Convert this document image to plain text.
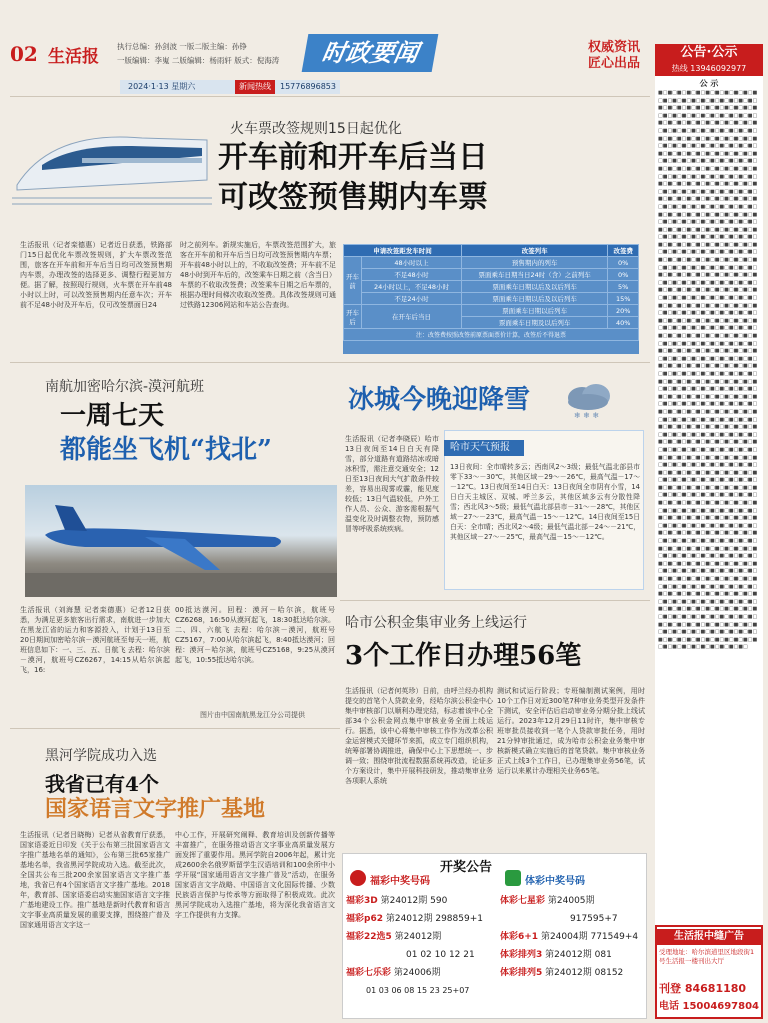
02 生活报
执行总编：孙剑波 一版二版主编：孙铮
一版编辑：李嵬 二版编辑：杨雨轩 版式：倪海涛	时政要闻	权威资讯
匠心出品
2024·1·13 星期六	新闻热线	15776896853
火车票改签规则15日起优化
开车前和开车后当日
可改签预售期内车票
生活报讯（记者栾德惠）记者近日获悉，铁路部门15日起优化车票改签规则，扩大车票改签范围，旅客在开车前和开车后当日均可改签预售期内车票，办理改签的选择更多、调整行程更加方便。据了解，按照现行规则，火车票在开车前48小时以上时，可以改签预售期内任意车次；开车前不足48小时及开车后，仅可改签票面日24
时之前列车。新规实施后，车票改签范围扩大，旅客在开车前和开车后当日均可改签预售期内车票；开车前48小时以上的，不收取改签费；开车前不足48小时到开车后的，改签乘车日期之前（含当日）车票的不收取改签费；改签乘车日期之后车票的，根据办理时间梯次收取改签费。具体改签规则可通过铁路12306网站和车站公告查询。
申请改签距发车时间		改签列车	改签费
开车前	48小时以上	预售期内的列车	0%
	不足48小时	票面乘车日期当日24时（含）之前列车	0%
	24小时以上，不足48小时	票面乘车日期以后及以后列车	5%
	不足24小时	票面乘车日期以后及以后列车	15%
开车后	在开车后当日	票面乘车日期以后列车	20%
		票面乘车日期及以后列车	40%
注：改签费按照改签前原票面票价计算，改签后不得退票			
南航加密哈尔滨-漠河航班
一周七天
都能坐飞机“找北”
生活报讯（刘海慧 记者栾德惠）记者12日获悉，为满足更多旅客出行需求，南航进一步加大在黑龙江省的运力和客源投入，计划于13日至20日期间加密哈尔滨－漠河航班至每天一班，航班信息如下：一、三、五、日航飞 去程：哈尔滨－漠河，航班号CZ6267，14:15从哈尔滨起飞，16:
00抵达漠河。回程：漠河－哈尔滨，航班号CZ6268，16:50从漠河起飞，18:30抵达哈尔滨。二、四、六航飞 去程：哈尔滨－漠河，航班号CZ5167，7:00从哈尔滨起飞，8:40抵达漠河；回程：漠河－哈尔滨，航班号CZ5168，9:25从漠河起飞，10:55抵达哈尔滨。
图片由中国南航黑龙江分公司提供
黑河学院成功入选
我省已有4个
国家语言文字推广基地
生活报讯（记者吕晓梅）记者从省教育厅获悉，国家语委近日印发《关于公布第三批国家语言文字推广基地名单的通知》，公布第三批65家推广基地名单，我省黑河学院成功入选。截至此次，全国共公布三批200余家国家语言文字推广基地，我省已有4个国家语言文字推广基地。2018年，教育部、国家语委启动实施国家语言文字推广基地建设工作。推广基地是新时代教育和语言文字事业高质量发展的重要支撑，围绕推广普及国家通用语言文字这一
中心工作，开展研究阐释、教育培训及创新传播等丰富推广，在服务推动语言文字事业高质量发展方面发挥了重要作用。黑河学院自2006年起，累计完成2600余名俄罗斯留学生汉语培训和100余所中小学开展“国家通用语言文字推广普及”活动，在服务国家语言文字战略、中国语言文化国际传播、少数民族语言保护与传承等方面取得了积极成效。此次黑河学院成功入选推广基地，将为深化我省语言文字工作提供有力支撑。
冰城今晚迎降雪
❄ ❄ ❄
生活报讯（记者李晓辰）哈市13日夜间至14日白天有降雪，部分道路有道路结冰或暗冰积雪，需注意交通安全；12日至13日夜间大气扩散条件较差，容易出现雾或霾，能见度较低；13日气温较低，户外工作人员、公众、游客需根据气温变化及时调整衣物，预防感冒等呼吸系统疾病。
哈市天气预报
13日夜间：全市晴转多云；西南风2～3级；最低气温北部县市零下33～－30℃，其他区域－29～－26℃，最高气温－17～－12℃。13日夜间至14日白天：13日夜间全市阴有小雪，14日白天主城区、双城、呼兰多云，其他区域多云有分散性降雪；西北风3～5级；最低气温北部县市－31～－28℃，其他区域－27～－23℃，最高气温－15～－12℃。14日夜间至15日白天：全市晴；西北风2～4级；最低气温北部－24～－21℃，其他区域－27～－25℃，最高气温－15～－12℃。
哈市公积金集审业务上线运行
3个工作日办理56笔
生活报讯（记者何英珍）日前，由呼兰经办机构提交的首笔个人贷款业务，经哈尔滨公积金中心集中审核部门以顺利办理完结，标志着该中心全部34个公积金网点集中审核业务全面上线运行。据悉，该中心将集中审核工作作为改革公积金运营模式关键环节来抓，成立专门组织机构，统筹部署协调推进，确保中心上下思想统一、步调一致；围绕审批流程数据系统再改造，论证多个方案设计，集中开展科技研发，推动集审业务各项职人系统
测试和试运行阶段；专班编制测试案例，用时10个工作日对近300笔7种审业务类型开发条件下测试，安全评估后启动审业务分期分批上线试运行。2023年12月29日11时许，集中审核专班审批员接收到一笔个人贷款审批任务，用时21分钟审批通过，成为哈市公积金业务集中审核新模式确立实施后的首笔贷款。集中审核业务正式上线3个工作日，已办理集审业务56笔，试运行以来累计办理相关业务65笔。
开奖公告
福彩中奖号码	体彩中奖号码
福彩3D 第24012期 590
福彩p62 第24012期 298859+1
福彩22选5 第24012期
01 02 10 12 21
福彩七乐彩 第24006期
01 03 06 08 15 23 25+07
体彩七星彩 第24005期
917595+7
体彩6+1 第24004期 771549+4
体彩排列3 第24012期 081
体彩排列5 第24012期 08152
公告·公示
热线 13946092977
公 示
■□■□■□■□■□■□■□■□■□■□■□■□■□■□■□■□■□■□■□■□■□■□■□■□■□■□■□■□■□■□■□■□■□■□■□■□■□■□■□■□■□■□■□■□■□■□■□■□■□■□■□■□■□■□■□■□■□■□■□■□■□■□■□■□■□■□■□■□■□■□■□■□■□■□■□■□■□■□■□■□■□■□■□■□■□■□■□■□■□■□■□■□■□■□■□■□■□■□■□■□■□■□■□■□■□■□■□■□■□■□■□■□■□■□■□■□■□■□■□■□■□■□■□■□■□■□■□■□■□■□■□■□■□■□■□■□■□■□■□■□■□■□■□■□■□■□■□■□■□■□■□■□■□■□■□■□■□■□■□■□■□■□■□■□■□■□■□■□■□■□■□■□■□■□■□■□■□■□■□■□■□■□■□■□■□■□■□■□■□■□■□■□■□■□■□■□■□■□■□■□■□■□■□■□■□■□■□■□■□■□■□■□■□■□■□■□■□■□■□■□■□■□■□■□■□■□■□■□■□■□■□■□■□■□■□■□■□■□■□■□■□■□■□■□■□■□■□■□■□■□■□■□■□■□■□■□■□■□■□■□■□■□■□■□■□■□■□■□■□■□■□■□■□■□■□■□■□■□■□■□■□■□■□■□■□■□■□■□■□■□■□■□■□■□■□■□■□■□■□■□■□■□■□■□■□■□■□■□■□■□■□■□■□■□■□■□■□■□■□■□■□■□■□■□■□■□■□■□■□■□■□■□■□■□■□■□■□■□■□■□■□■□■□■□■□■□■□■□■□■□■□■□■□■□■□■□■□■□■□■□■□■□■□■□■□■□■□■□■□■□■□■□■□■□■□■□■□■□■□■□■□■□■□■□■□■□■□■□■□■□■□■□■□■□■□■□■□■□■□■□■□■□■□■□■□■□■□■□■□■□■□■□■□■□■□■□■□■□■□■□■□■□■□■□■□■□■□■□■□■□■□■□■□■□■□■□■□■□■□■□■□■□■□■□■□■□■□■□■□■□■□■□■□■□■□■□■□■□■□■□■□■□■□■□■□■□■□■□■□■□■□■□■□■□■□■□■□■□■□■□■□■□■□■□■□■□■□■□■□■□■□■□■□■□■□■□■□■□■□■□■□■□■□■□■□■□■□■□■□■□■□■□■□■□■□■□■□■□■□■□■□■□■□■□■□■□■□■□■□■□■□■□■□■□■□■□■□■□■□■□■□■□■□■□■□■□■□■□■□■□■□■□■□■□■□■□■□■□■□■□■□■□■□■□■□■□■□■□■□■□■□■□■□■□■□■□■□■□■□■□■□■□■□■□■□■□■□■□■□■□■□■□■□■□■□■□■□■□■□■□■□■□■□■□■□■□■□■□■□■□■□■□■□■□■□■□■□■□■□■□■□■□■□■□■□■□■□■□■□■□■□■□■□■□■□■□■□■□■□■□■□■□■□■□■□■□■□■□■□■□■□■□■□■□■□■□■□■□■□■□■□■□■□■□■□■□■□■□■□■□■□■□■□■□■□■□■□■□■□■□■□■□■□■□■□■□■□■□■□■□■□■□■□■□■□■□■□■□■□■□■□■□■□■□■□■□■□■□■□■□■□■□■□■□■□■□■□■□■□■□■□■□■□■□■□■□■□■□■□■□■□■□■□■□■□■□■□■□■□■□■□■□■□■□■□■□■□■□■□■□■□■□■□■□■□■□■□■□■□■□■□■□■□■□■□■□■□■□■□■□■□■□■□■□■□■□
生活报中缝广告
受理地址：哈尔滨道里区地段街1号生活报一楼刊出大厅
刊登 84681180
电话 15004697804
